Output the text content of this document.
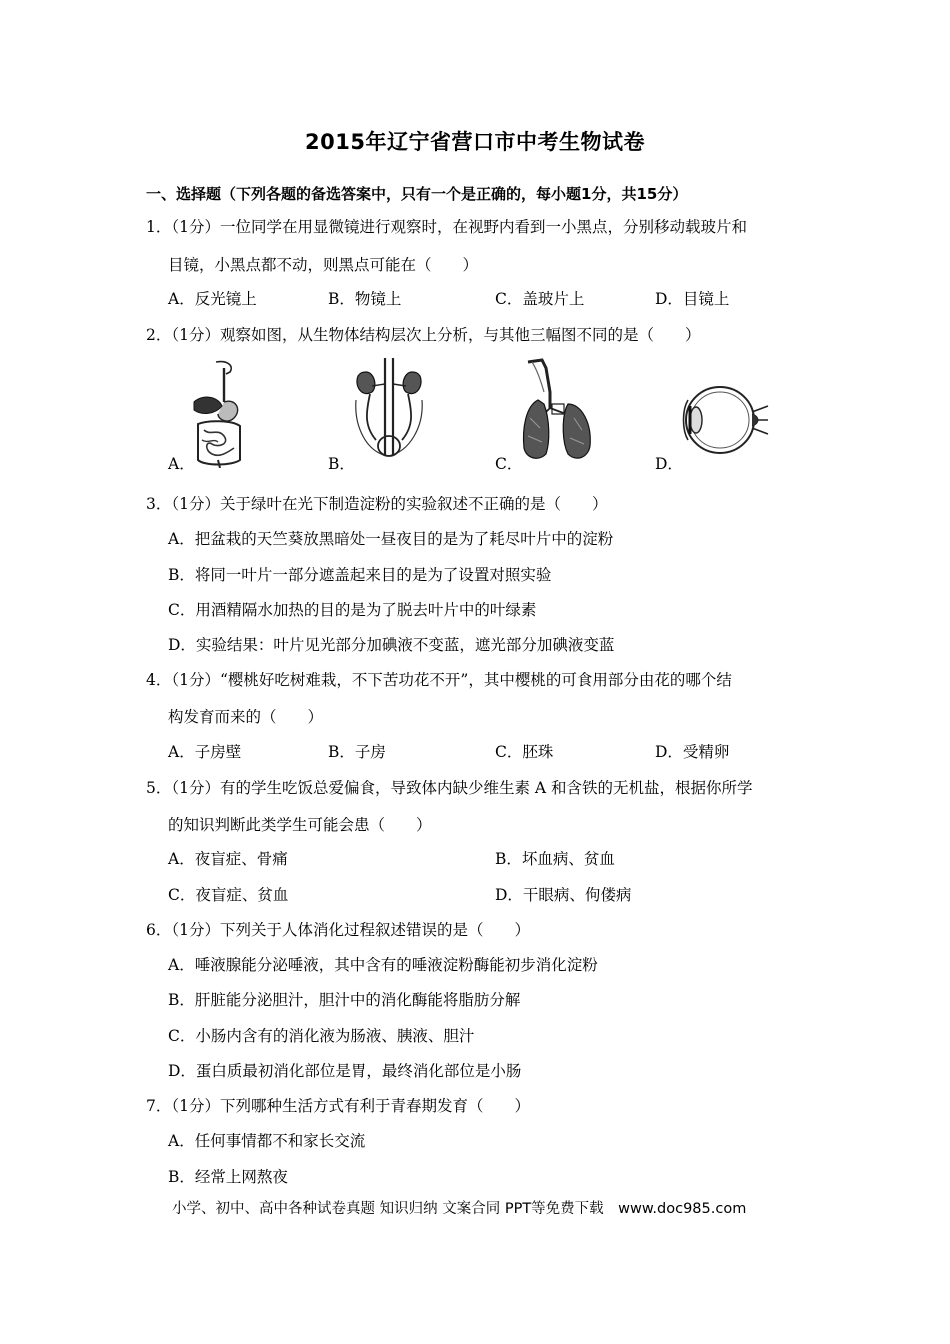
2015年辽宁省营口市中考生物试卷
一、选择题（下列各题的备选答案中，只有一个是正确的，每小题1分，共15分）
1．（1分）一位同学在用显微镜进行观察时，在视野内看到一小黑点，分别移动载玻片和
目镜，小黑点都不动，则黑点可能在（　　）
A．反光镜上	B．物镜上	C．盖玻片上	D．目镜上
2．（1分）观察如图，从生物体结构层次上分析，与其他三幅图不同的是（　　）
A．	B．	C．	D．
3．（1分）关于绿叶在光下制造淀粉的实验叙述不正确的是（　　）
A．把盆栽的天竺葵放黑暗处一昼夜目的是为了耗尽叶片中的淀粉
B．将同一叶片一部分遮盖起来目的是为了设置对照实验
C．用酒精隔水加热的目的是为了脱去叶片中的叶绿素
D．实验结果：叶片见光部分加碘液不变蓝，遮光部分加碘液变蓝
4．（1分）“樱桃好吃树难栽，不下苦功花不开”，其中樱桃的可食用部分由花的哪个结
构发育而来的（　　）
A．子房壁	B．子房	C．胚珠	D．受精卵
5．（1分）有的学生吃饭总爱偏食，导致体内缺少维生素 A 和含铁的无机盐，根据你所学
的知识判断此类学生可能会患（　　）
A．夜盲症、骨痛	B．坏血病、贫血
C．夜盲症、贫血	D．干眼病、佝偻病
6．（1分）下列关于人体消化过程叙述错误的是（　　）
A．唾液腺能分泌唾液，其中含有的唾液淀粉酶能初步消化淀粉
B．肝脏能分泌胆汁，胆汁中的消化酶能将脂肪分解
C．小肠内含有的消化液为肠液、胰液、胆汁
D．蛋白质最初消化部位是胃，最终消化部位是小肠
7．（1分）下列哪种生活方式有利于青春期发育（　　）
A．任何事情都不和家长交流
B．经常上网熬夜
小学、初中、高中各种试卷真题 知识归纳 文案合同 PPT等免费下载　www.doc985.com
